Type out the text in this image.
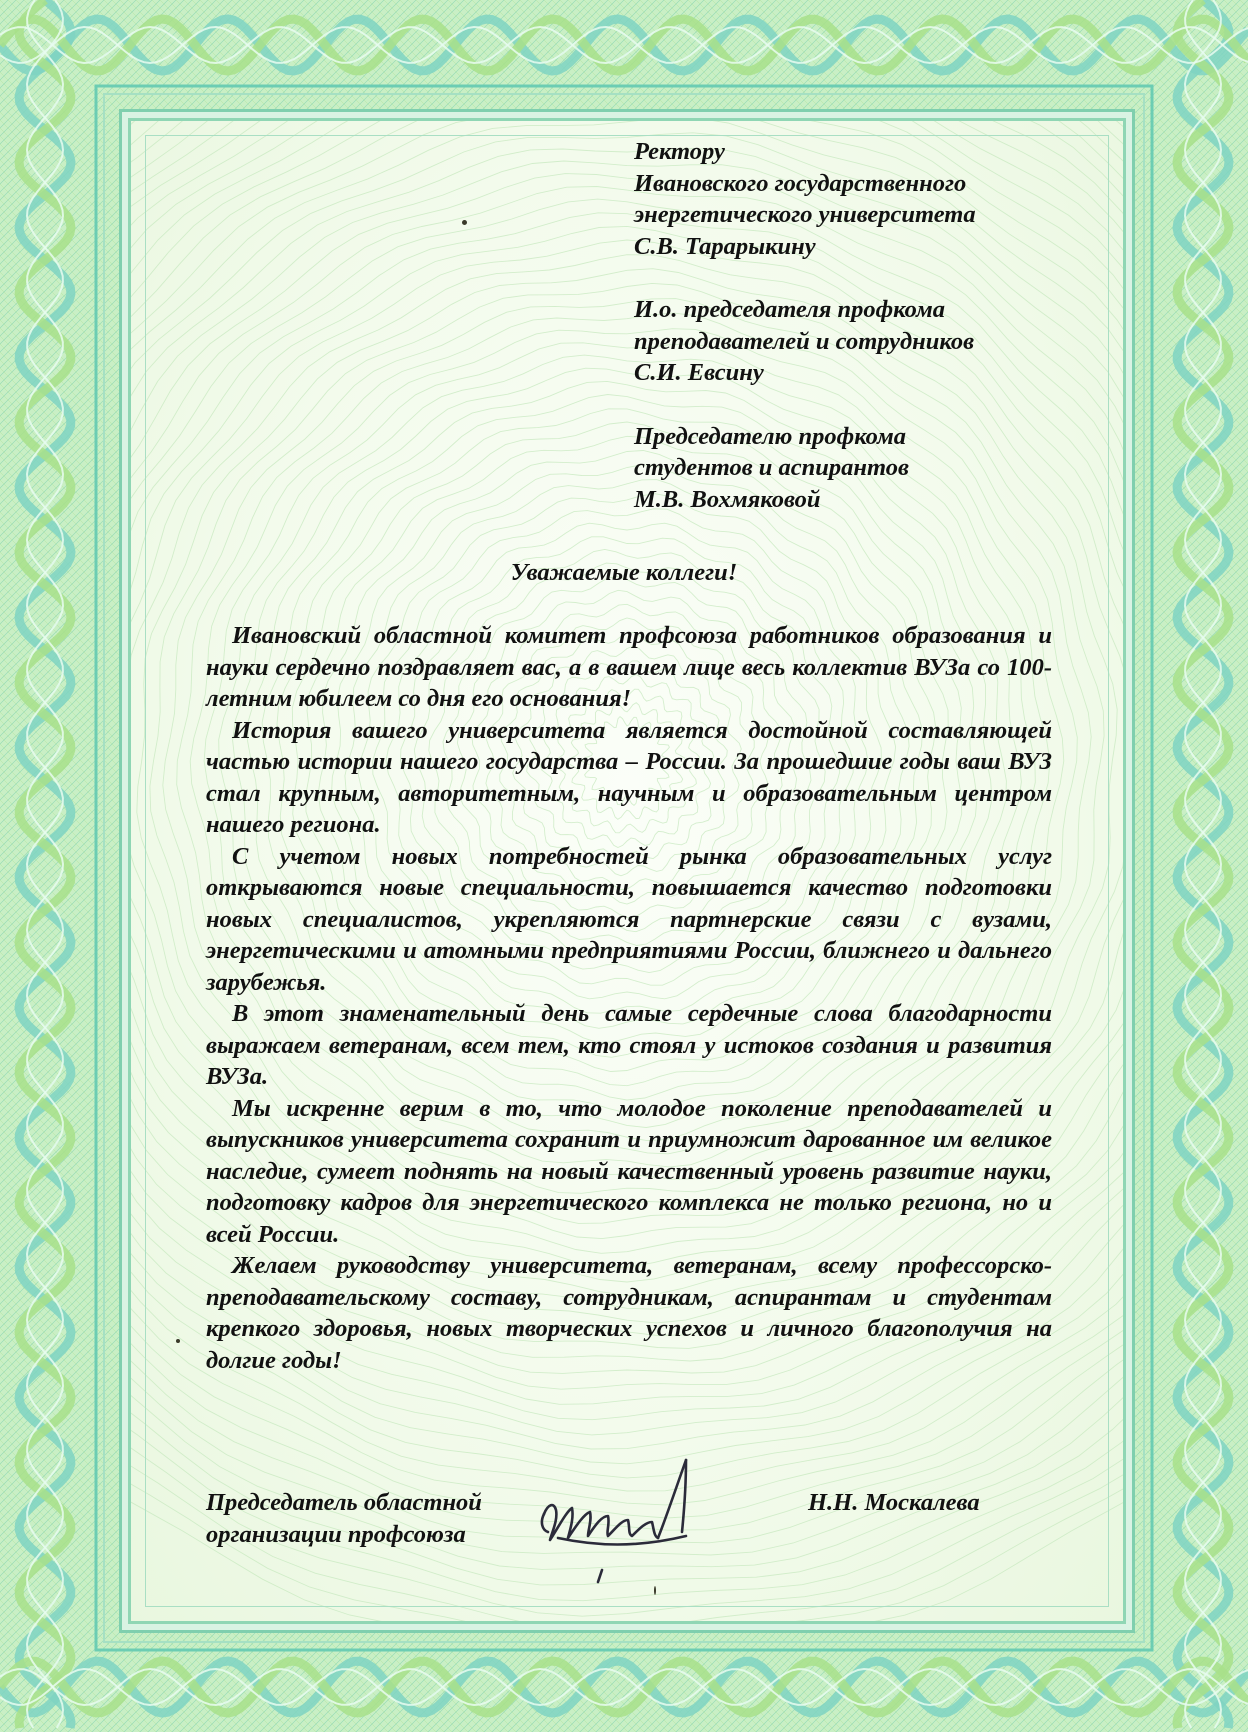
Ректору
Ивановского государственного
энергетического университета
С.В. Тарарыкину
И.о. председателя профкома
преподавателей и сотрудников
С.И. Евсину
Председателю профкома
студентов и аспирантов
М.В. Вохмяковой
Уважаемые коллеги!

Ивановский областной комитет профсоюза работников образования и науки сердечно поздравляет вас, а в вашем лице весь коллектив ВУЗа со 100-летним юбилеем со дня его основания!

История вашего университета является достойной составляющей частью истории нашего государства – России. За прошедшие годы ваш ВУЗ стал крупным, авторитетным, научным и образовательным центром нашего региона.

С учетом новых потребностей рынка образовательных услуг открываются новые специальности, повышается качество подготовки новых специалистов, укрепляются партнерские связи с вузами, энергетическими и атомными предприятиями России, ближнего и дальнего зарубежья.

В этот знаменательный день самые сердечные слова благодарности выражаем ветеранам, всем тем, кто стоял у истоков создания и развития ВУЗа.

Мы искренне верим в то, что молодое поколение преподавателей и выпускников университета сохранит и приумножит дарованное им великое наследие, сумеет поднять на новый качественный уровень развитие науки, подготовку кадров для энергетического комплекса не только региона, но и всей России.

Желаем руководству университета, ветеранам, всему профессорско-преподавательскому составу, сотрудникам, аспирантам и студентам крепкого здоровья, новых творческих успехов и личного благополучия на долгие годы!

Председатель областной
организации профсоюза
Н.Н. Москалева
